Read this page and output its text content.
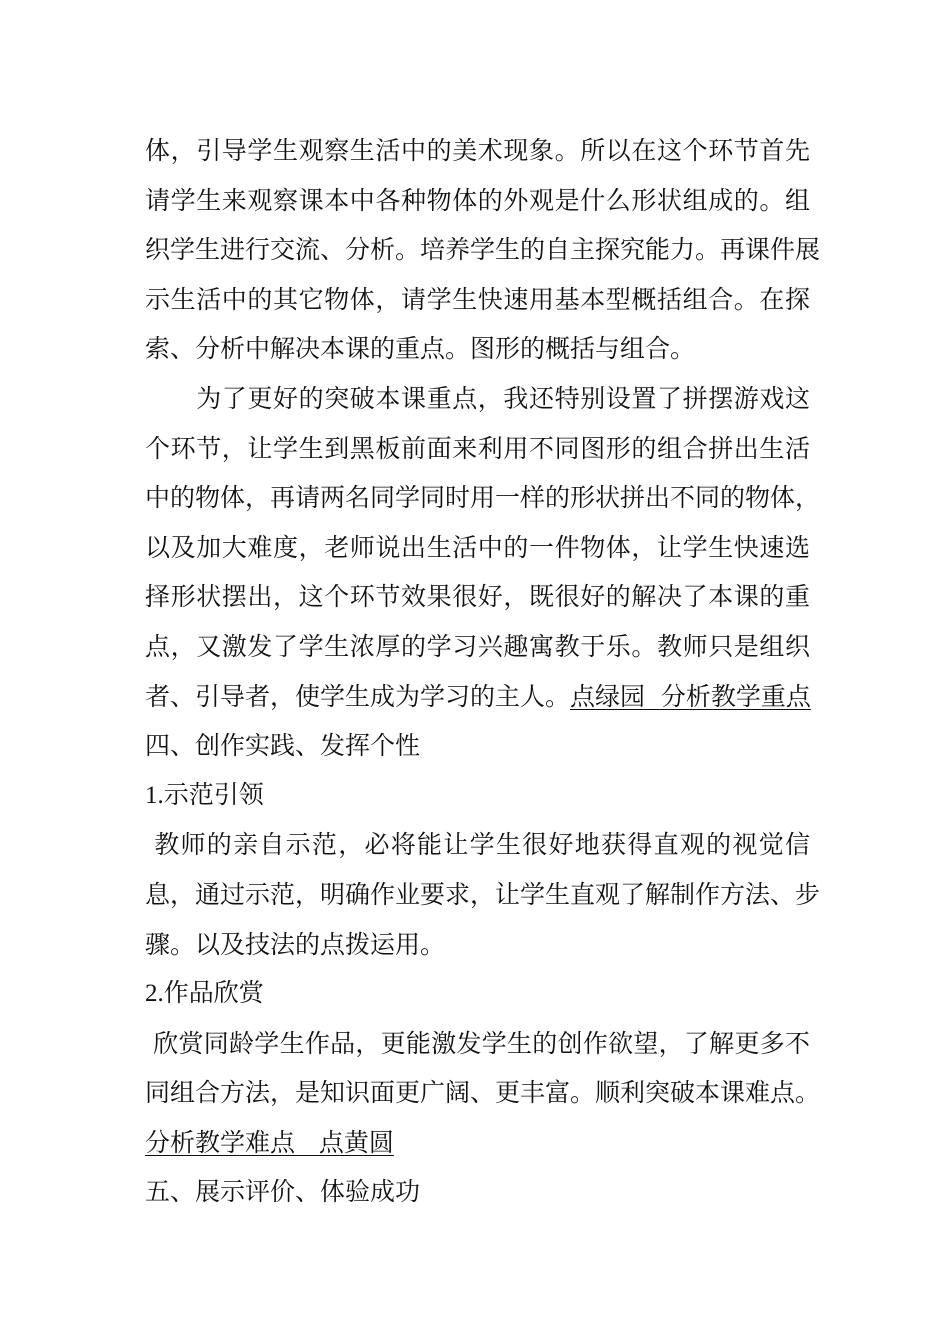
体，引导学生观察生活中的美术现象。所以在这个环节首先
请学生来观察课本中各种物体的外观是什么形状组成的。组
织学生进行交流、分析。培养学生的自主探究能力。再课件展
示生活中的其它物体，请学生快速用基本型概括组合。在探
索、分析中解决本课的重点。图形的概括与组合。
　　为了更好的突破本课重点，我还特别设置了拼摆游戏这
个环节，让学生到黑板前面来利用不同图形的组合拼出生活
中的物体，再请两名同学同时用一样的形状拼出不同的物体，
以及加大难度，老师说出生活中的一件物体，让学生快速选
择形状摆出，这个环节效果很好，既很好的解决了本课的重
点，又激发了学生浓厚的学习兴趣寓教于乐。教师只是组织
者、引导者，使学生成为学习的主人。点绿园  分析教学重点
四、创作实践、发挥个性
1.示范引领
教师的亲自示范，必将能让学生很好地获得直观的视觉信
息，通过示范，明确作业要求，让学生直观了解制作方法、步
骤。以及技法的点拨运用。
2.作品欣赏
欣赏同龄学生作品，更能激发学生的创作欲望，了解更多不
同组合方法，是知识面更广阔、更丰富。顺利突破本课难点。
分析教学难点   点黄圆
五、展示评价、体验成功
